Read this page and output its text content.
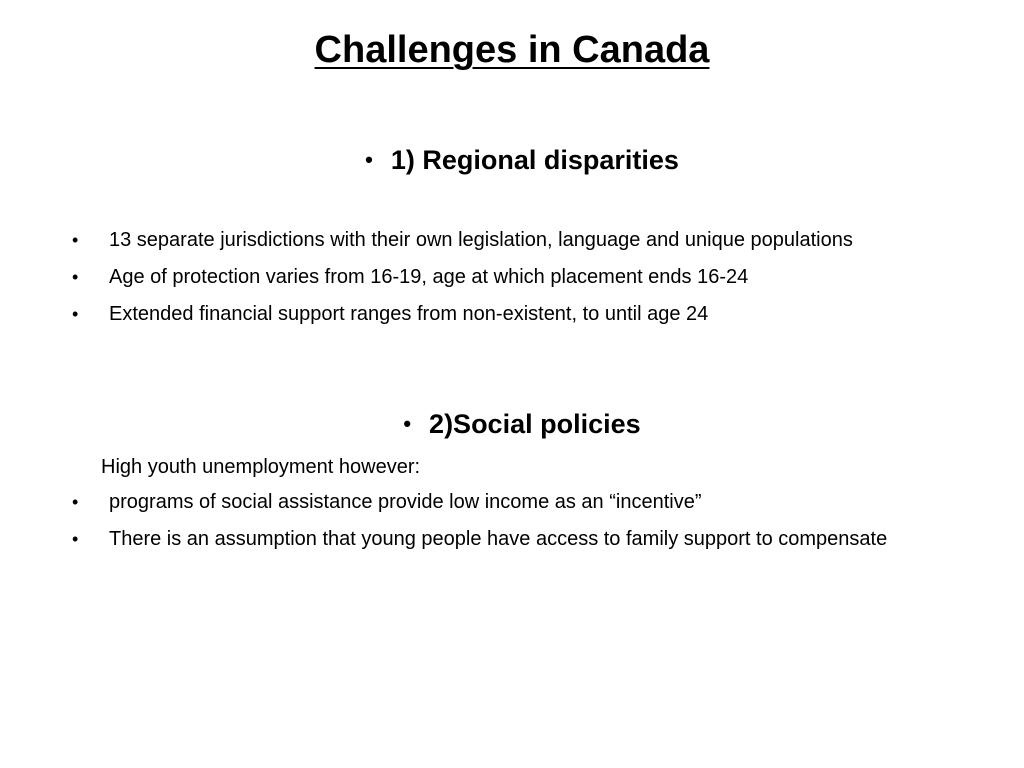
Challenges in Canada
• 1) Regional disparities
• 13 separate jurisdictions with their own legislation, language and unique populations
• Age of protection varies from 16-19, age at which placement ends 16-24
• Extended financial support ranges from non-existent, to until age 24
• 2)Social policies
High youth unemployment however:
• programs of social assistance provide low income as an “incentive”
• There is an assumption that young people have access to family support to compensate
